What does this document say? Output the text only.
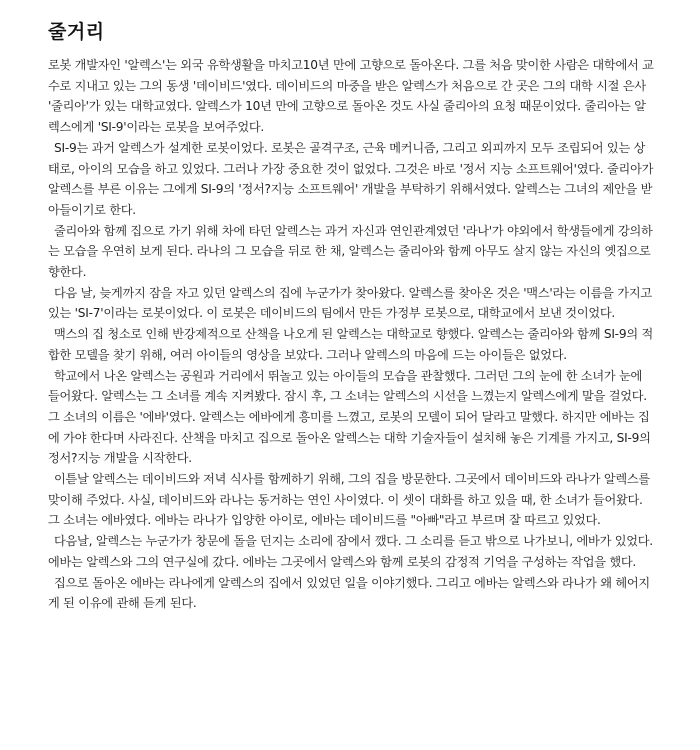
줄거리

로봇 개발자인 '알렉스'는 외국 유학생활을 마치고10년 만에 고향으로 돌아온다. 그를 처음 맞이한 사람은 대학에서 교수로 지내고 있는 그의 동생 '데이비드'였다. 데이비드의 마중을 받은 알렉스가 처음으로 간 곳은 그의 대학 시절 은사 '줄리아'가 있는 대학교였다. 알렉스가 10년 만에 고향으로 돌아온 것도 사실 줄리아의 요청 때문이었다. 줄리아는 알렉스에게 'SI-9'이라는 로봇을 보여주었다.

SI-9는 과거 알렉스가 설계한 로봇이었다. 로봇은 골격구조, 근육 메커니즘, 그리고 외피까지 모두 조립되어 있는 상태로, 아이의 모습을 하고 있었다. 그러나 가장 중요한 것이 없었다. 그것은 바로 '정서 지능 소프트웨어'였다. 줄리아가 알렉스를 부른 이유는 그에게 SI-9의 '정서?지능 소프트웨어' 개발을 부탁하기 위해서였다. 알렉스는 그녀의 제안을 받아들이기로 한다.

줄리아와 함께 집으로 가기 위해 차에 타던 알렉스는 과거 자신과 연인관계였던 '라나'가 야외에서 학생들에게 강의하는 모습을 우연히 보게 된다. 라나의 그 모습을 뒤로 한 채, 알렉스는 줄리아와 함께 아무도 살지 않는 자신의 옛집으로 향한다.

다음 날, 늦게까지 잠을 자고 있던 알렉스의 집에 누군가가 찾아왔다. 알렉스를 찾아온 것은 '맥스'라는 이름을 가지고 있는 'SI-7'이라는 로봇이었다. 이 로봇은 데이비드의 팀에서 만든 가정부 로봇으로, 대학교에서 보낸 것이었다.

맥스의 집 청소로 인해 반강제적으로 산책을 나오게 된 알렉스는 대학교로 향했다. 알렉스는 줄리아와 함께 SI-9의 적합한 모델을 찾기 위해, 여러 아이들의 영상을 보았다. 그러나 알렉스의 마음에 드는 아이들은 없었다.

학교에서 나온 알렉스는 공원과 거리에서 뛰놀고 있는 아이들의 모습을 관찰했다. 그러던 그의 눈에 한 소녀가 눈에 들어왔다. 알렉스는 그 소녀를 계속 지켜봤다. 잠시 후, 그 소녀는 알렉스의 시선을 느꼈는지 알렉스에게 말을 걸었다. 그 소녀의 이름은 '에바'였다. 알렉스는 에바에게 흥미를 느꼈고, 로봇의 모델이 되어 달라고 말했다. 하지만 에바는 집에 가야 한다며 사라진다. 산책을 마치고 집으로 돌아온 알렉스는 대학 기술자들이 설치해 놓은 기계를 가지고, SI-9의 정서?지능 개발을 시작한다.

이튿날 알렉스는 데이비드와 저녁 식사를 함께하기 위해, 그의 집을 방문한다. 그곳에서 데이비드와 라나가 알렉스를 맞이해 주었다. 사실, 데이비드와 라나는 동거하는 연인 사이였다. 이 셋이 대화를 하고 있을 때, 한 소녀가 들어왔다. 그 소녀는 에바였다. 에바는 라나가 입양한 아이로, 에바는 데이비드를 "아빠"라고 부르며 잘 따르고 있었다.

다음날, 알렉스는 누군가가 창문에 돌을 던지는 소리에 잠에서 깼다. 그 소리를 듣고 밖으로 나가보니, 에바가 있었다. 에바는 알렉스와 그의 연구실에 갔다. 에바는 그곳에서 알렉스와 함께 로봇의 감정적 기억을 구성하는 작업을 했다.

집으로 돌아온 에바는 라나에게 알렉스의 집에서 있었던 일을 이야기했다. 그리고 에바는 알렉스와 라나가 왜 헤어지게 된 이유에 관해 듣게 된다.
